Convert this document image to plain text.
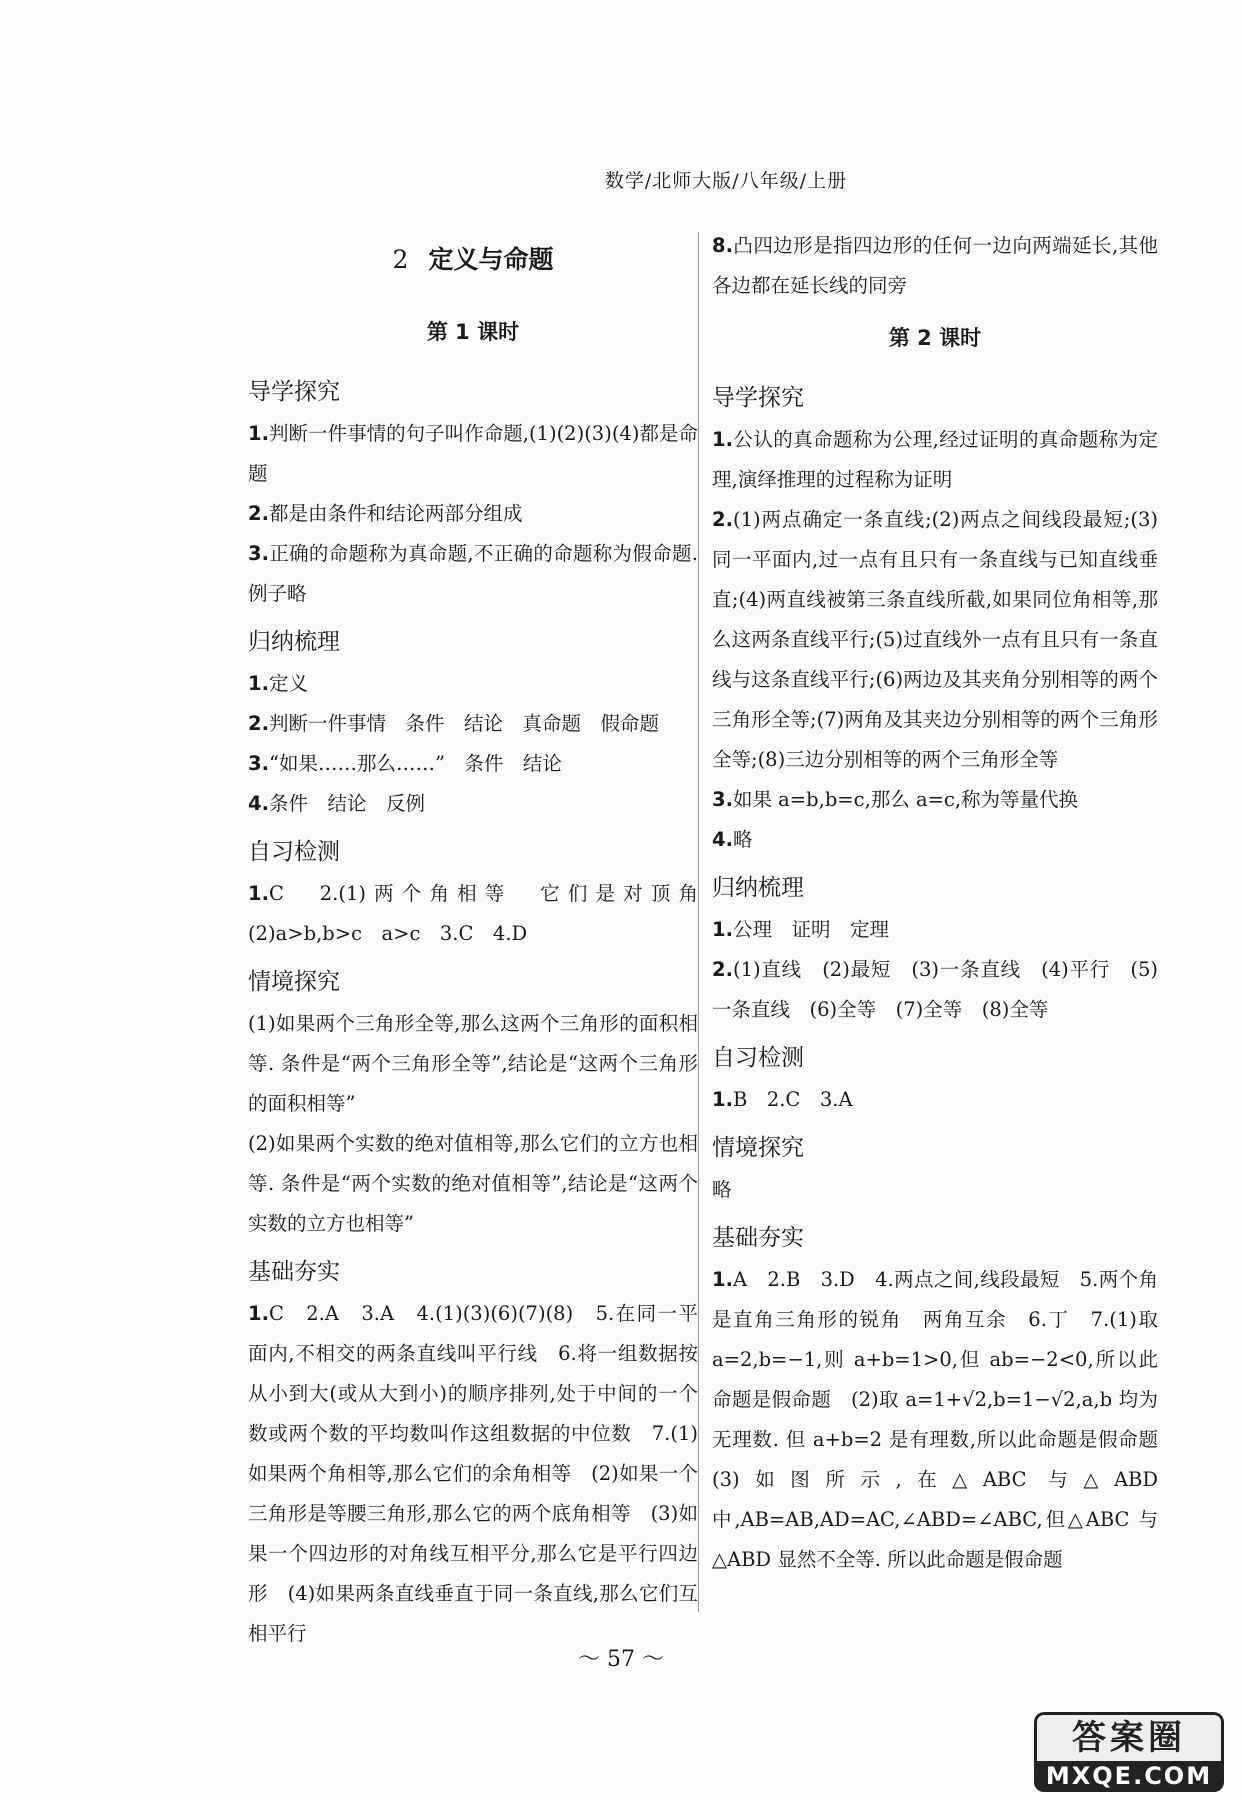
数学/北师大版/八年级/上册
2 定义与命题
第 1 课时
导学探究
1.判断一件事情的句子叫作命题,(1)(2)(3)(4)都是命题
2.都是由条件和结论两部分组成
3.正确的命题称为真命题,不正确的命题称为假命题. 例子略
归纳梳理
1.定义
2.判断一件事情　条件　结论　真命题　假命题
3.“如果……那么……”　条件　结论
4.条件　结论　反例
自习检测
1.C　2.(1)两个角相等　它们是对顶角　(2)a>b,b>c　a>c　3.C　4.D
情境探究
(1)如果两个三角形全等,那么这两个三角形的面积相等. 条件是“两个三角形全等”,结论是“这两个三角形的面积相等”
(2)如果两个实数的绝对值相等,那么它们的立方也相等. 条件是“两个实数的绝对值相等”,结论是“这两个实数的立方也相等”
基础夯实
1.C　2.A　3.A　4.(1)(3)(6)(7)(8)　5.在同一平面内,不相交的两条直线叫平行线　6.将一组数据按从小到大(或从大到小)的顺序排列,处于中间的一个数或两个数的平均数叫作这组数据的中位数　7.(1)如果两个角相等,那么它们的余角相等　(2)如果一个三角形是等腰三角形,那么它的两个底角相等　(3)如果一个四边形的对角线互相平分,那么它是平行四边形　(4)如果两条直线垂直于同一条直线,那么它们互相平行
8.凸四边形是指四边形的任何一边向两端延长,其他各边都在延长线的同旁
第 2 课时
导学探究
1.公认的真命题称为公理,经过证明的真命题称为定理,演绎推理的过程称为证明
2.(1)两点确定一条直线;(2)两点之间线段最短;(3)同一平面内,过一点有且只有一条直线与已知直线垂直;(4)两直线被第三条直线所截,如果同位角相等,那么这两条直线平行;(5)过直线外一点有且只有一条直线与这条直线平行;(6)两边及其夹角分别相等的两个三角形全等;(7)两角及其夹边分别相等的两个三角形全等;(8)三边分别相等的两个三角形全等
3.如果 a=b,b=c,那么 a=c,称为等量代换
4.略
归纳梳理
1.公理　证明　定理
2.(1)直线　(2)最短　(3)一条直线　(4)平行　(5)一条直线　(6)全等　(7)全等　(8)全等
自习检测
1.B　2.C　3.A
情境探究
略
基础夯实
1.A　2.B　3.D　4.两点之间,线段最短　5.两个角是直角三角形的锐角　两角互余　6.丁　7.(1)取 a=2,b=−1,则 a+b=1>0,但 ab=−2<0,所以此命题是假命题　(2)取 a=1+√2,b=1−√2,a,b 均为无理数. 但 a+b=2 是有理数,所以此命题是假命题　(3)如图所示,在△ABC 与△ABD 中,AB=AB,AD=AC,∠ABD=∠ABC,但△ABC 与△ABD 显然不全等. 所以此命题是假命题
～ 57 ～
答案圈
MXQE.COM
